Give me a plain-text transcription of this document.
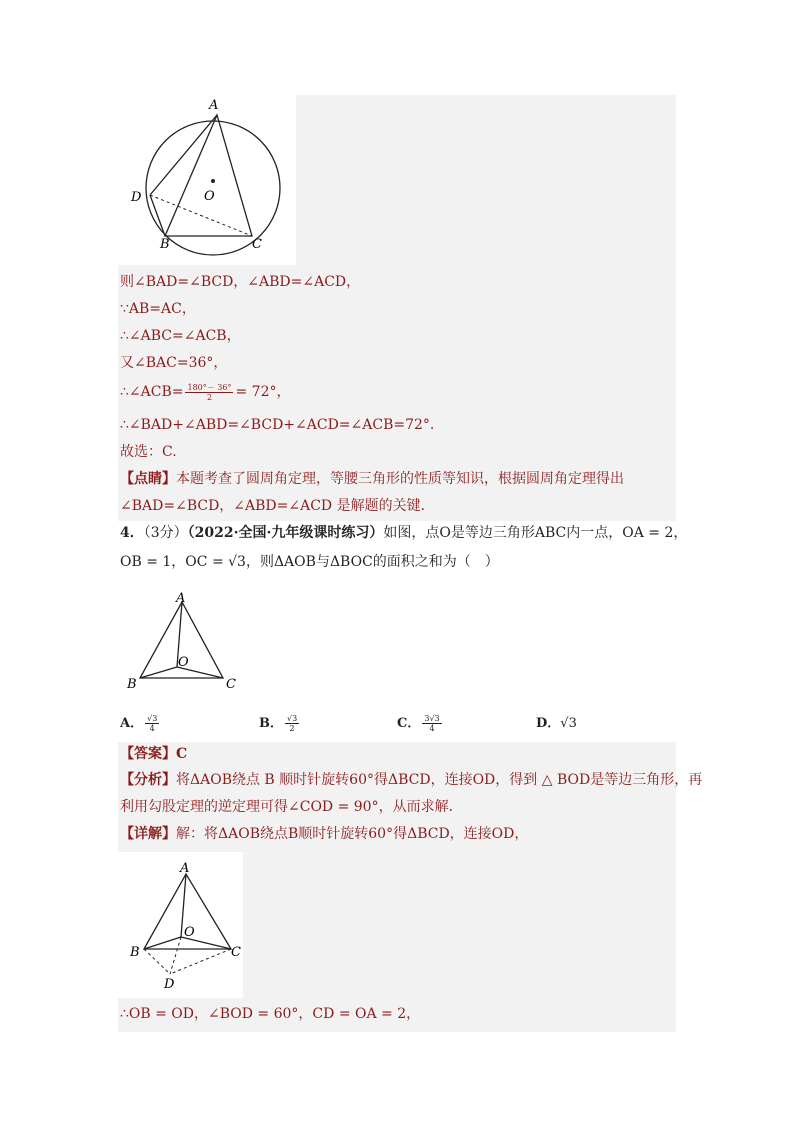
A
O
D
B	C
则∠BAD=∠BCD，∠ABD=∠ACD，
∵AB=AC，
∴∠ABC=∠ACB，
又∠BAC=36°，
∴∠ACB= $\frac{180^\circ- 36^\circ}{2} = 72^\circ$，
∴∠BAD+∠ABD=∠BCD+∠ACD=∠ACB=72°.
故选：C.
【点睛】本题考查了圆周角定理，等腰三角形的性质等知识，根据圆周角定理得出
∠BAD=∠BCD，∠ABD=∠ACD 是解题的关键.
4．（3分）（2022·全国·九年级课时练习）如图，点O是等边三角形ABC内一点，OA = 2，
OB = 1，OC = √3，则ΔAOB与ΔBOC的面积之和为（　）
A
O
B	C
A． $\frac{√3}{4}$	B． $\frac{√3}{2}$	C． $\frac{3√3}{4}$	D．√3
【答案】C
【分析】将ΔAOB绕点 B 顺时针旋转60°得ΔBCD，连接OD，得到 △ BOD是等边三角形，再
利用勾股定理的逆定理可得∠COD = 90°，从而求解．
【详解】解：将ΔAOB绕点B顺时针旋转60°得ΔBCD，连接OD，
A
O
B	C
D
∴OB = OD，∠BOD = 60°，CD = OA = 2，
